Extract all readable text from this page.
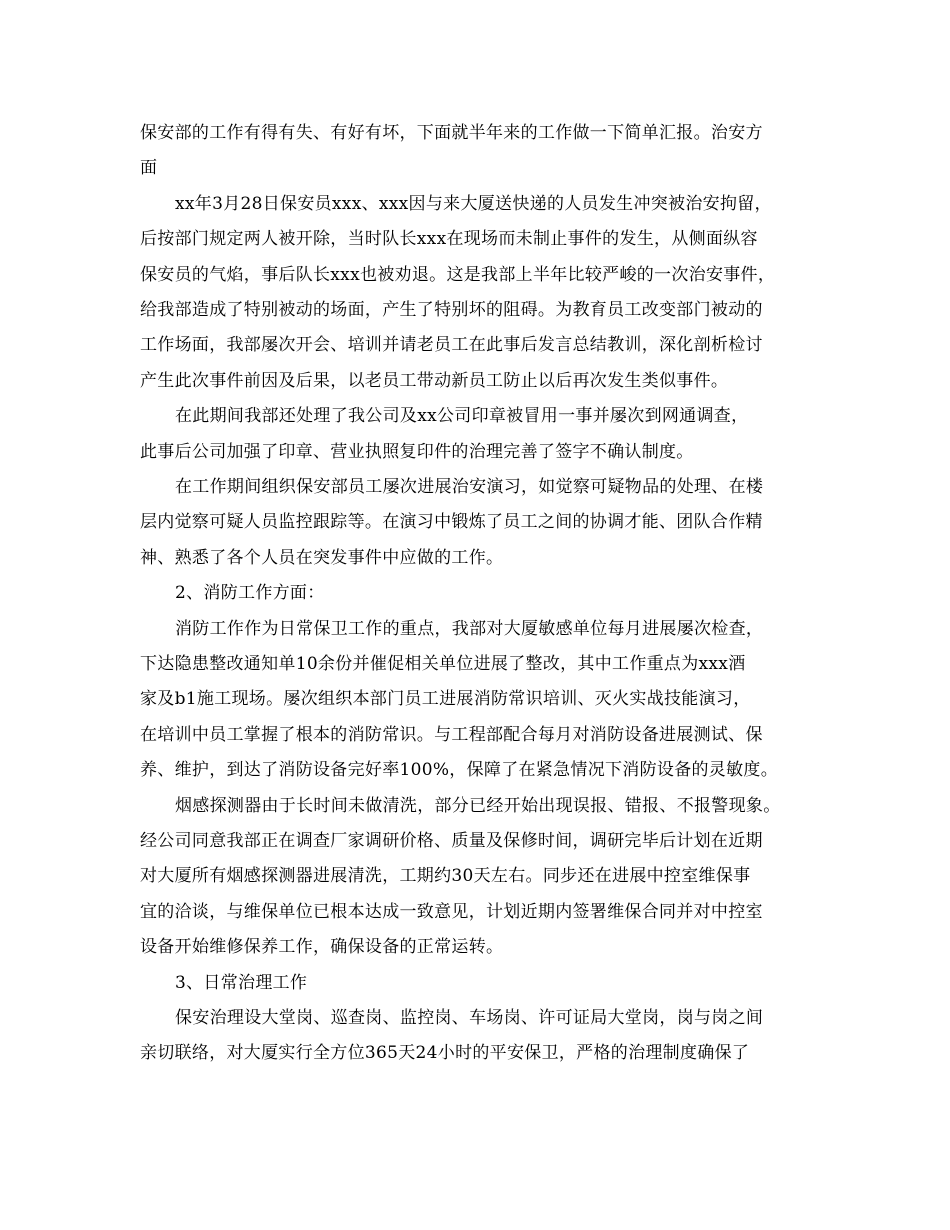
保安部的工作有得有失、有好有坏，下面就半年来的工作做一下简单汇报。治安方
面
xx年3月28日保安员xxx、xxx因与来大厦送快递的人员发生冲突被治安拘留，
后按部门规定两人被开除，当时队长xxx在现场而未制止事件的发生，从侧面纵容
保安员的气焰，事后队长xxx也被劝退。这是我部上半年比较严峻的一次治安事件，
给我部造成了特别被动的场面，产生了特别坏的阻碍。为教育员工改变部门被动的
工作场面，我部屡次开会、培训并请老员工在此事后发言总结教训，深化剖析检讨
产生此次事件前因及后果，以老员工带动新员工防止以后再次发生类似事件。
在此期间我部还处理了我公司及xx公司印章被冒用一事并屡次到网通调查，
此事后公司加强了印章、营业执照复印件的治理完善了签字不确认制度。
在工作期间组织保安部员工屡次进展治安演习，如觉察可疑物品的处理、在楼
层内觉察可疑人员监控跟踪等。在演习中锻炼了员工之间的协调才能、团队合作精
神、熟悉了各个人员在突发事件中应做的工作。
2、消防工作方面：
消防工作作为日常保卫工作的重点，我部对大厦敏感单位每月进展屡次检查，
下达隐患整改通知单10余份并催促相关单位进展了整改，其中工作重点为xxx酒
家及b1施工现场。屡次组织本部门员工进展消防常识培训、灭火实战技能演习，
在培训中员工掌握了根本的消防常识。与工程部配合每月对消防设备进展测试、保
养、维护，到达了消防设备完好率100%，保障了在紧急情况下消防设备的灵敏度。
烟感探测器由于长时间未做清洗，部分已经开始出现误报、错报、不报警现象。
经公司同意我部正在调查厂家调研价格、质量及保修时间，调研完毕后计划在近期
对大厦所有烟感探测器进展清洗，工期约30天左右。同步还在进展中控室维保事
宜的洽谈，与维保单位已根本达成一致意见，计划近期内签署维保合同并对中控室
设备开始维修保养工作，确保设备的正常运转。
3、日常治理工作
保安治理设大堂岗、巡查岗、监控岗、车场岗、许可证局大堂岗，岗与岗之间
亲切联络，对大厦实行全方位365天24小时的平安保卫，严格的治理制度确保了
